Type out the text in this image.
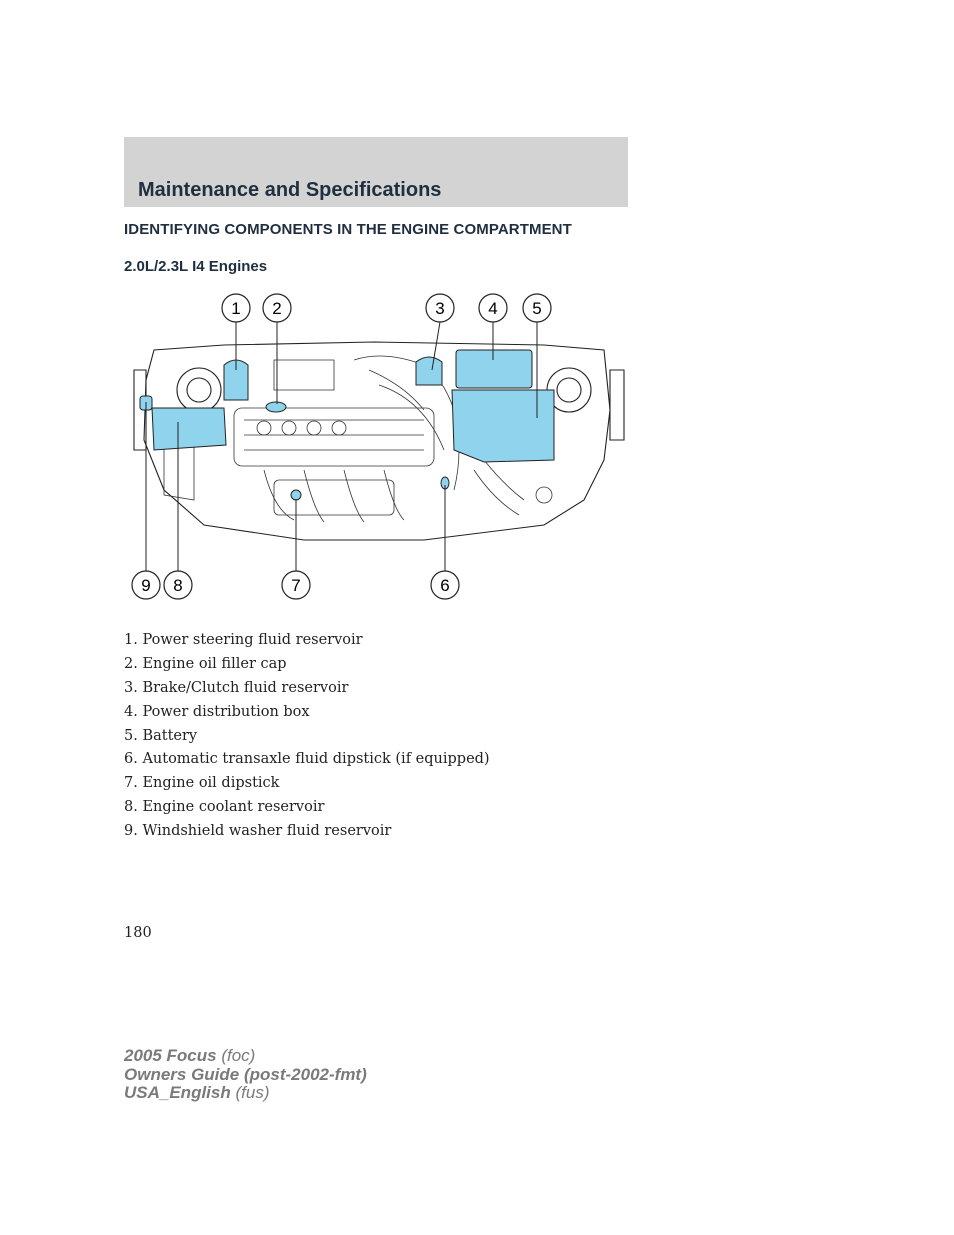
Maintenance and Specifications
IDENTIFYING COMPONENTS IN THE ENGINE COMPARTMENT
2.0L/2.3L I4 Engines
1 2	3	4 5
6
7
8
9
1. Power steering fluid reservoir
2. Engine oil filler cap
3. Brake/Clutch fluid reservoir
4. Power distribution box
5. Battery
6. Automatic transaxle fluid dipstick (if equipped)
7. Engine oil dipstick
8. Engine coolant reservoir
9. Windshield washer fluid reservoir
180
2005 Focus (foc)
Owners Guide (post-2002-fmt)
USA_English (fus)
